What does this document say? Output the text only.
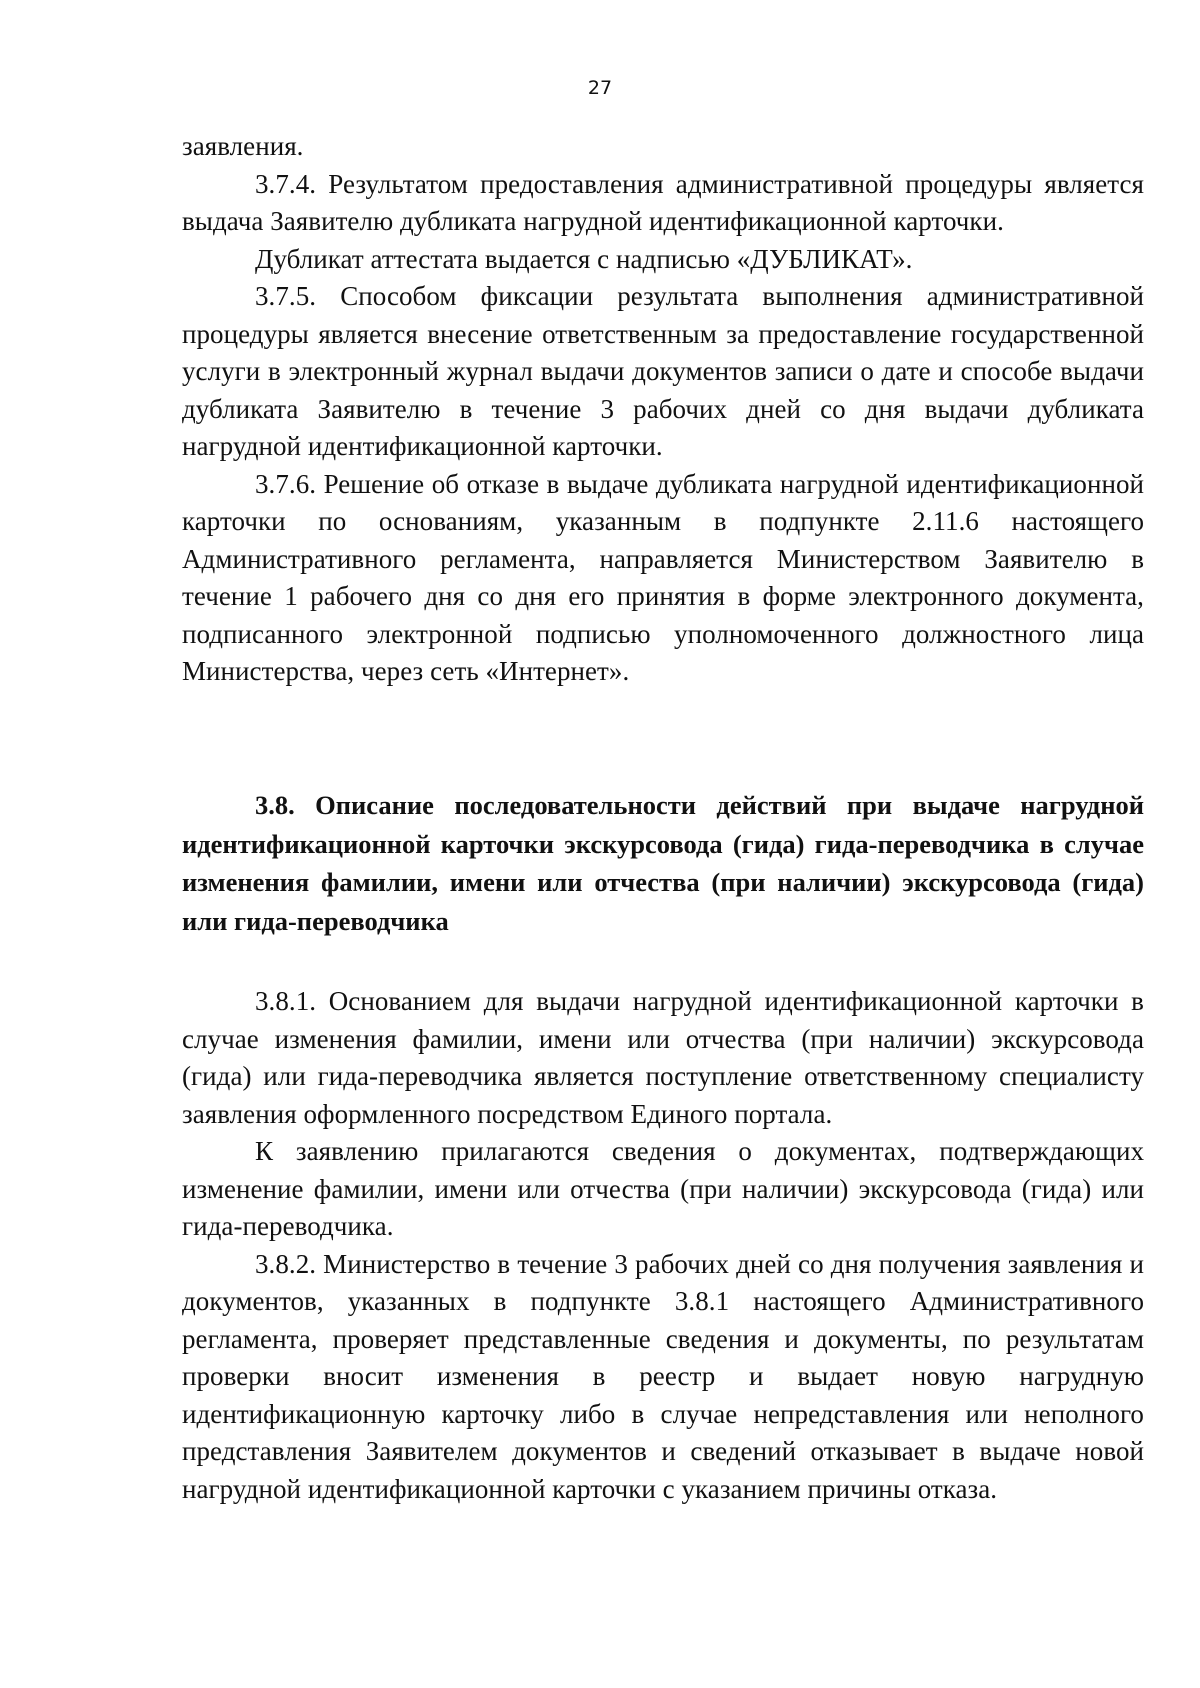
27

заявления.

3.7.4. Результатом предоставления административной процедуры является выдача Заявителю дубликата нагрудной идентификационной карточки.

Дубликат аттестата выдается с надписью «ДУБЛИКАТ».

3.7.5. Способом фиксации результата выполнения административной процедуры является внесение ответственным за предоставление государственной услуги в электронный журнал выдачи документов записи о дате и способе выдачи дубликата Заявителю в течение 3 рабочих дней со дня выдачи дубликата нагрудной идентификационной карточки.

3.7.6. Решение об отказе в выдаче дубликата нагрудной идентификационной карточки по основаниям, указанным в подпункте 2.11.6 настоящего Административного регламента, направляется Министерством Заявителю в течение 1 рабочего дня со дня его принятия в форме электронного документа, подписанного электронной подписью уполномоченного должностного лица Министерства, через сеть «Интернет».

3.8. Описание последовательности действий при выдаче нагрудной идентификационной карточки экскурсовода (гида) гида-переводчика в случае изменения фамилии, имени или отчества (при наличии) экскурсовода (гида) или гида-переводчика

3.8.1. Основанием для выдачи нагрудной идентификационной карточки в случае изменения фамилии, имени или отчества (при наличии) экскурсовода (гида) или гида-переводчика является поступление ответственному специалисту заявления оформленного посредством Единого портала.

К заявлению прилагаются сведения о документах, подтверждающих изменение фамилии, имени или отчества (при наличии) экскурсовода (гида) или гида-переводчика.

3.8.2. Министерство в течение 3 рабочих дней со дня получения заявления и документов, указанных в подпункте 3.8.1 настоящего Административного регламента, проверяет представленные сведения и документы, по результатам проверки вносит изменения в реестр и выдает новую нагрудную идентификационную карточку либо в случае непредставления или неполного представления Заявителем документов и сведений отказывает в выдаче новой нагрудной идентификационной карточки с указанием причины отказа.
